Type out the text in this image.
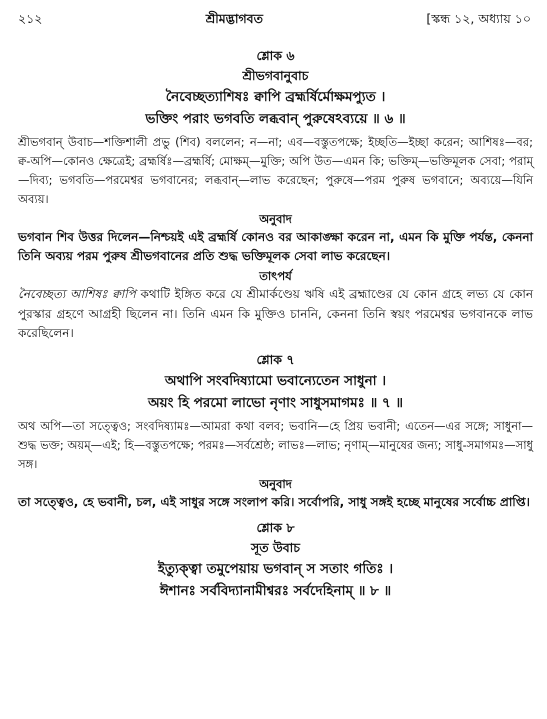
২১২	শ্রীমদ্ভাগবত	[স্কন্ধ ১২, অধ্যায় ১০
শ্লোক ৬
শ্রীভগবানুবাচ
নৈবেচ্ছত্যাশিষঃ ক্বাপি ব্রহ্মর্ষির্মোক্ষমপ্যুত ।
ভক্তিং পরাং ভগবতি লব্ধবান্ পুরুষেঽব্যয়ে ॥ ৬ ॥

শ্রীভগবান্ উবাচ—শক্তিশালী প্রভু (শিব) বললেন; ন—না; এব—বস্তুতপক্ষে; ইচ্ছতি—ইচ্ছা করেন; আশিষঃ—বর; ক্ব-অপি—কোনও ক্ষেত্রেই; ব্রহ্মর্ষিঃ—ব্রহ্মর্ষি; মোক্ষম্—মুক্তি; অপি উত—এমন কি; ভক্তিম্—ভক্তিমূলক সেবা; পরাম্—দিব্য; ভগবতি—পরমেশ্বর ভগবানের; লব্ধবান্—লাভ করেছেন; পুরুষে—পরম পুরুষ ভগবানে; অব্যয়ে—যিনি অব্যয়।

অনুবাদ

ভগবান শিব উত্তর দিলেন—নিশ্চয়ই এই ব্রহ্মর্ষি কোনও বর আকাঙ্ক্ষা করেন না, এমন কি মুক্তি পর্যন্ত, কেননা তিনি অব্যয় পরম পুরুষ শ্রীভগবানের প্রতি শুদ্ধ ভক্তিমূলক সেবা লাভ করেছেন।

তাৎপর্য

নৈবেচ্ছত্য আশিষঃ ক্বাপি কথাটি ইঙ্গিত করে যে শ্রীমার্কণ্ডেয় ঋষি এই ব্রহ্মাণ্ডের যে কোন গ্রহে লভ্য যে কোন পুরস্কার গ্রহণে আগ্রহী ছিলেন না। তিনি এমন কি মুক্তিও চাননি, কেননা তিনি স্বয়ং পরমেশ্বর ভগবানকে লাভ করেছিলেন।

শ্লোক ৭
অথাপি সংবদিষ্যামো ভবান্যেতেন সাধুনা ।
অয়ং হি পরমো লাভো নৃণাং সাধুসমাগমঃ ॥ ৭ ॥

অথ অপি—তা সত্ত্বেও; সংবদিষ্যামঃ—আমরা কথা বলব; ভবানি—হে প্রিয় ভবানী; এতেন—এর সঙ্গে; সাধুনা—শুদ্ধ ভক্ত; অয়ম্—এই; হি—বস্তুতপক্ষে; পরমঃ—সর্বশ্রেষ্ঠ; লাভঃ—লাভ; নৃণাম্—মানুষের জন্য; সাধু-সমাগমঃ—সাধু সঙ্গ।

অনুবাদ

তা সত্ত্বেও, হে ভবানী, চল, এই সাধুর সঙ্গে সংলাপ করি। সর্বোপরি, সাধু সঙ্গই হচ্ছে মানুষের সর্বোচ্চ প্রাপ্তি।

শ্লোক ৮
সূত উবাচ
ইত্যুক্ত্বা তমুপেয়ায় ভগবান্ স সতাং গতিঃ ।
ঈশানঃ সর্ববিদ্যানামীশ্বরঃ সর্বদেহিনাম্ ॥ ৮ ॥
